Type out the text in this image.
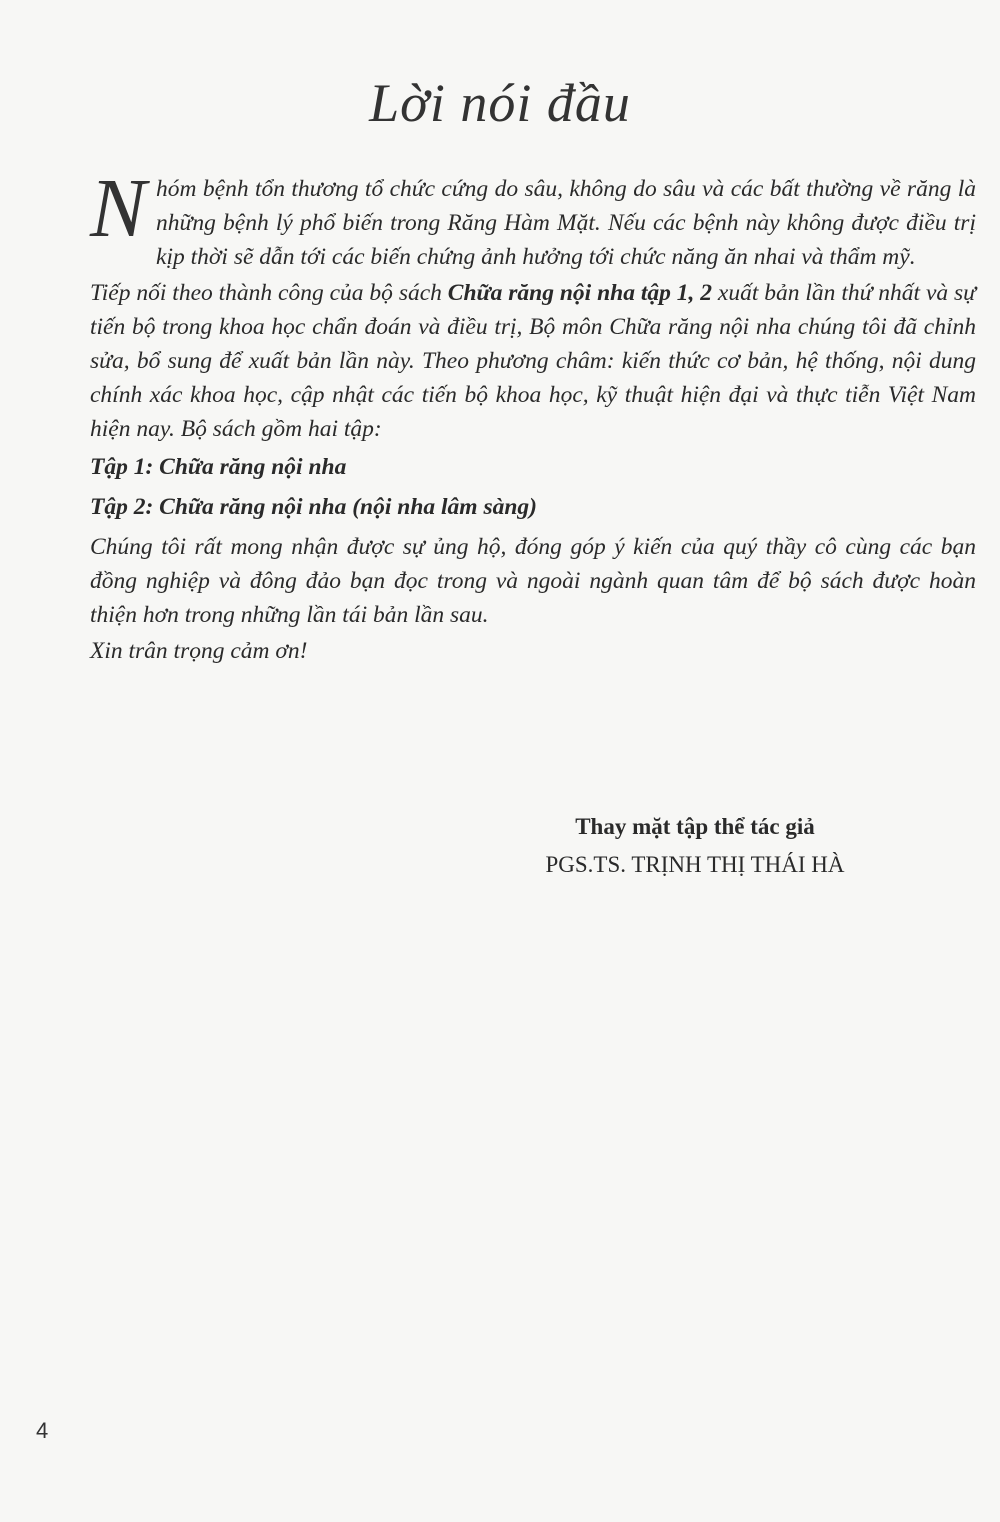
Lời nói đầu

Nhóm bệnh tổn thương tổ chức cứng do sâu, không do sâu và các bất thường về răng là những bệnh lý phổ biến trong Răng Hàm Mặt. Nếu các bệnh này không được điều trị kịp thời sẽ dẫn tới các biến chứng ảnh hưởng tới chức năng ăn nhai và thẩm mỹ.

Tiếp nối theo thành công của bộ sách Chữa răng nội nha tập 1, 2 xuất bản lần thứ nhất và sự tiến bộ trong khoa học chẩn đoán và điều trị, Bộ môn Chữa răng nội nha chúng tôi đã chỉnh sửa, bổ sung để xuất bản lần này. Theo phương châm: kiến thức cơ bản, hệ thống, nội dung chính xác khoa học, cập nhật các tiến bộ khoa học, kỹ thuật hiện đại và thực tiễn Việt Nam hiện nay. Bộ sách gồm hai tập:

Tập 1: Chữa răng nội nha

Tập 2: Chữa răng nội nha (nội nha lâm sàng)

Chúng tôi rất mong nhận được sự ủng hộ, đóng góp ý kiến của quý thầy cô cùng các bạn đồng nghiệp và đông đảo bạn đọc trong và ngoài ngành quan tâm để bộ sách được hoàn thiện hơn trong những lần tái bản lần sau.

Xin trân trọng cảm ơn!

Thay mặt tập thể tác giả
PGS.TS. TRỊNH THỊ THÁI HÀ
4
